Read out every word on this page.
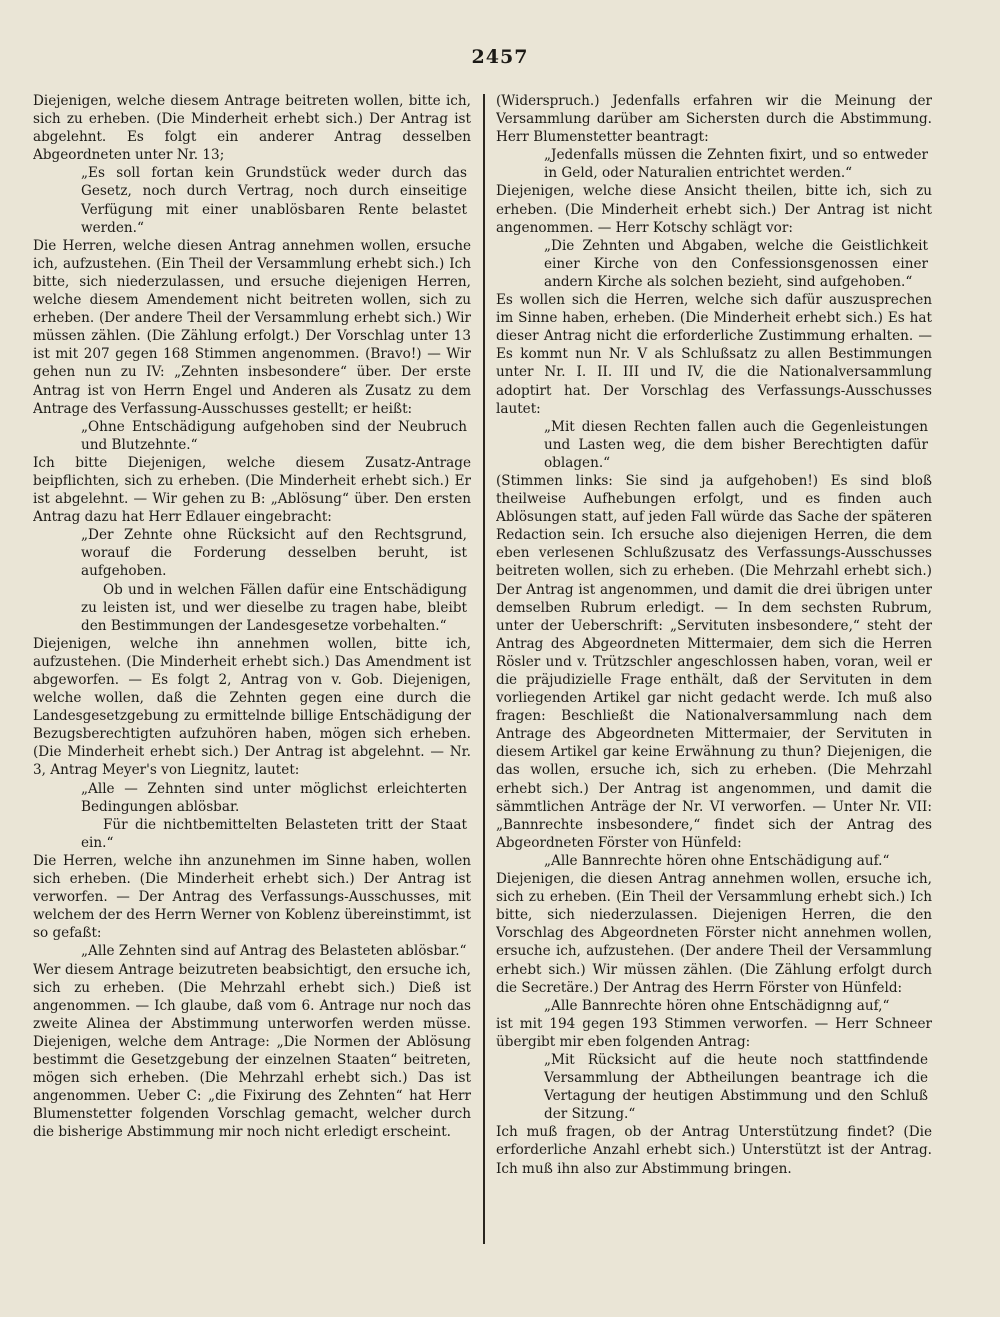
2457

Diejenigen, welche diesem Antrage beitreten wollen, bitte ich, sich zu erheben. (Die Minderheit erhebt sich.) Der Antrag ist abgelehnt. Es folgt ein anderer Antrag desselben Abgeordneten unter Nr. 13;

„Es soll fortan kein Grundstück weder durch das Gesetz, noch durch Vertrag, noch durch einseitige Verfügung mit einer unablösbaren Rente belastet werden.“

Die Herren, welche diesen Antrag annehmen wollen, ersuche ich, aufzustehen. (Ein Theil der Versammlung erhebt sich.) Ich bitte, sich niederzulassen, und ersuche diejenigen Herren, welche diesem Amendement nicht beitreten wollen, sich zu erheben. (Der andere Theil der Versammlung erhebt sich.) Wir müssen zählen. (Die Zählung erfolgt.) Der Vorschlag unter 13 ist mit 207 gegen 168 Stimmen angenommen. (Bravo!) — Wir gehen nun zu IV: „Zehnten insbesondere“ über. Der erste Antrag ist von Herrn Engel und Anderen als Zusatz zu dem Antrage des Verfassung-Ausschusses gestellt; er heißt:

„Ohne Entschädigung aufgehoben sind der Neubruch und Blutzehnte.“

Ich bitte Diejenigen, welche diesem Zusatz-Antrage beipflichten, sich zu erheben. (Die Minderheit erhebt sich.) Er ist abgelehnt. — Wir gehen zu B: „Ablösung“ über. Den ersten Antrag dazu hat Herr Edlauer eingebracht:

„Der Zehnte ohne Rücksicht auf den Rechtsgrund, worauf die Forderung desselben beruht, ist aufgehoben.

Ob und in welchen Fällen dafür eine Entschädigung zu leisten ist, und wer dieselbe zu tragen habe, bleibt den Bestimmungen der Landesgesetze vorbehalten.“

Diejenigen, welche ihn annehmen wollen, bitte ich, aufzustehen. (Die Minderheit erhebt sich.) Das Amendment ist abgeworfen. — Es folgt 2, Antrag von v. Gob. Diejenigen, welche wollen, daß die Zehnten gegen eine durch die Landesgesetzgebung zu ermittelnde billige Entschädigung der Bezugsberechtigten aufzuhören haben, mögen sich erheben. (Die Minderheit erhebt sich.) Der Antrag ist abgelehnt. — Nr. 3, Antrag Meyer's von Liegnitz, lautet:

„Alle — Zehnten sind unter möglichst erleichterten Bedingungen ablösbar.

Für die nichtbemittelten Belasteten tritt der Staat ein.“

Die Herren, welche ihn anzunehmen im Sinne haben, wollen sich erheben. (Die Minderheit erhebt sich.) Der Antrag ist verworfen. — Der Antrag des Verfassungs-Ausschusses, mit welchem der des Herrn Werner von Koblenz übereinstimmt, ist so gefaßt:

„Alle Zehnten sind auf Antrag des Belasteten ablösbar.“

Wer diesem Antrage beizutreten beabsichtigt, den ersuche ich, sich zu erheben. (Die Mehrzahl erhebt sich.) Dieß ist angenommen. — Ich glaube, daß vom 6. Antrage nur noch das zweite Alinea der Abstimmung unterworfen werden müsse. Diejenigen, welche dem Antrage: „Die Normen der Ablösung bestimmt die Gesetzgebung der einzelnen Staaten“ beitreten, mögen sich erheben. (Die Mehrzahl erhebt sich.) Das ist angenommen. Ueber C: „die Fixirung des Zehnten“ hat Herr Blumenstetter folgenden Vorschlag gemacht, welcher durch die bisherige Abstimmung mir noch nicht erledigt erscheint.

(Widerspruch.) Jedenfalls erfahren wir die Meinung der Versammlung darüber am Sichersten durch die Abstimmung. Herr Blumenstetter beantragt:

„Jedenfalls müssen die Zehnten fixirt, und so entweder in Geld, oder Naturalien entrichtet werden.“

Diejenigen, welche diese Ansicht theilen, bitte ich, sich zu erheben. (Die Minderheit erhebt sich.) Der Antrag ist nicht angenommen. — Herr Kotschy schlägt vor:

„Die Zehnten und Abgaben, welche die Geistlichkeit einer Kirche von den Confessionsgenossen einer andern Kirche als solchen bezieht, sind aufgehoben.“

Es wollen sich die Herren, welche sich dafür auszusprechen im Sinne haben, erheben. (Die Minderheit erhebt sich.) Es hat dieser Antrag nicht die erforderliche Zustimmung erhalten. — Es kommt nun Nr. V als Schlußsatz zu allen Bestimmungen unter Nr. I. II. III und IV, die die Nationalversammlung adoptirt hat. Der Vorschlag des Verfassungs-Ausschusses lautet:

„Mit diesen Rechten fallen auch die Gegenleistungen und Lasten weg, die dem bisher Berechtigten dafür oblagen.“

(Stimmen links: Sie sind ja aufgehoben!) Es sind bloß theilweise Aufhebungen erfolgt, und es finden auch Ablösungen statt, auf jeden Fall würde das Sache der späteren Redaction sein. Ich ersuche also diejenigen Herren, die dem eben verlesenen Schlußzusatz des Verfassungs-Ausschusses beitreten wollen, sich zu erheben. (Die Mehrzahl erhebt sich.) Der Antrag ist angenommen, und damit die drei übrigen unter demselben Rubrum erledigt. — In dem sechsten Rubrum, unter der Ueberschrift: „Servituten insbesondere,“ steht der Antrag des Abgeordneten Mittermaier, dem sich die Herren Rösler und v. Trützschler angeschlossen haben, voran, weil er die präjudizielle Frage enthält, daß der Servituten in dem vorliegenden Artikel gar nicht gedacht werde. Ich muß also fragen: Beschließt die Nationalversammlung nach dem Antrage des Abgeordneten Mittermaier, der Servituten in diesem Artikel gar keine Erwähnung zu thun? Diejenigen, die das wollen, ersuche ich, sich zu erheben. (Die Mehrzahl erhebt sich.) Der Antrag ist angenommen, und damit die sämmtlichen Anträge der Nr. VI verworfen. — Unter Nr. VII: „Bannrechte insbesondere,“ findet sich der Antrag des Abgeordneten Förster von Hünfeld:

„Alle Bannrechte hören ohne Entschädigung auf.“

Diejenigen, die diesen Antrag annehmen wollen, ersuche ich, sich zu erheben. (Ein Theil der Versammlung erhebt sich.) Ich bitte, sich niederzulassen. Diejenigen Herren, die den Vorschlag des Abgeordneten Förster nicht annehmen wollen, ersuche ich, aufzustehen. (Der andere Theil der Versammlung erhebt sich.) Wir müssen zählen. (Die Zählung erfolgt durch die Secretäre.) Der Antrag des Herrn Förster von Hünfeld:

„Alle Bannrechte hören ohne Entschädignng auf,“

ist mit 194 gegen 193 Stimmen verworfen. — Herr Schneer übergibt mir eben folgenden Antrag:

„Mit Rücksicht auf die heute noch stattfindende Versammlung der Abtheilungen beantrage ich die Vertagung der heutigen Abstimmung und den Schluß der Sitzung.“

Ich muß fragen, ob der Antrag Unterstützung findet? (Die erforderliche Anzahl erhebt sich.) Unterstützt ist der Antrag. Ich muß ihn also zur Abstimmung bringen.
